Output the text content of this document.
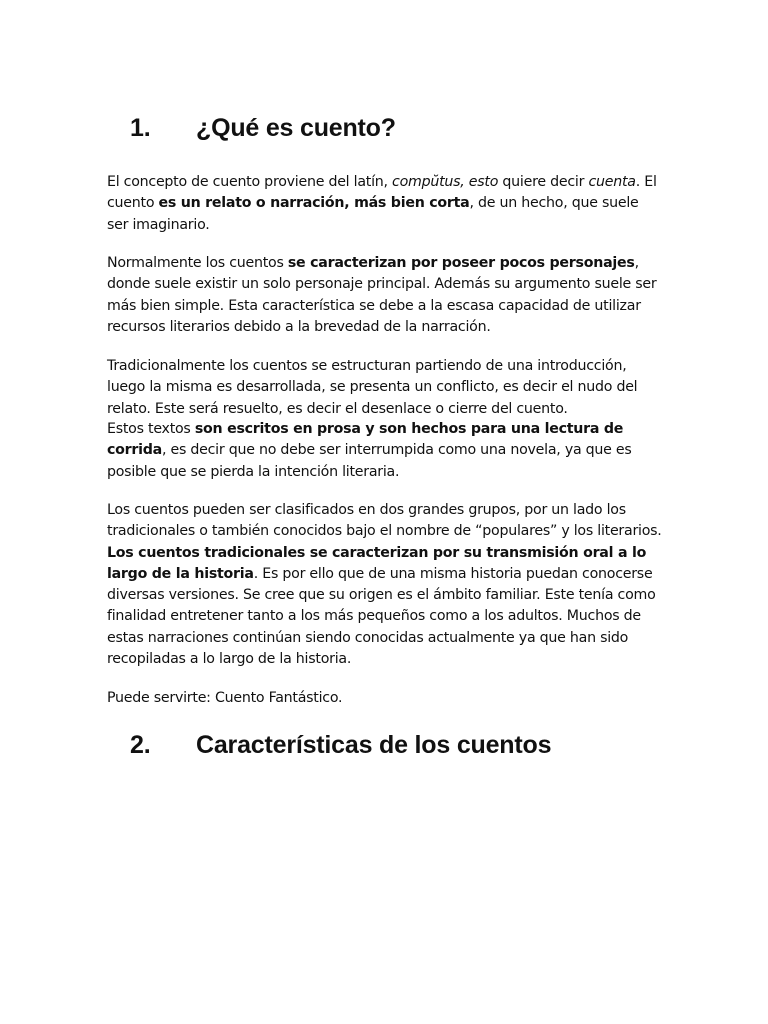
1.	¿Qué es cuento?

El concepto de cuento proviene del latín, compŭtus, esto quiere decir cuenta. El cuento es un relato o narración, más bien corta, de un hecho, que suele ser imaginario.

Normalmente los cuentos se caracterizan por poseer pocos personajes, donde suele existir un solo personaje principal. Además su argumento suele ser más bien simple. Esta característica se debe a la escasa capacidad de utilizar recursos literarios debido a la brevedad de la narración.

Tradicionalmente los cuentos se estructuran partiendo de una introducción, luego la misma es desarrollada, se presenta un conflicto, es decir el nudo del relato. Este será resuelto, es decir el desenlace o cierre del cuento.

Estos textos son escritos en prosa y son hechos para una lectura de corrida, es decir que no debe ser interrumpida como una novela, ya que es posible que se pierda la intención literaria.

Los cuentos pueden ser clasificados en dos grandes grupos, por un lado los tradicionales o también conocidos bajo el nombre de “populares” y los literarios. Los cuentos tradicionales se caracterizan por su transmisión oral a lo largo de la historia. Es por ello que de una misma historia puedan conocerse diversas versiones. Se cree que su origen es el ámbito familiar. Este tenía como finalidad entretener tanto a los más pequeños como a los adultos. Muchos de estas narraciones continúan siendo conocidas actualmente ya que han sido recopiladas a lo largo de la historia.

Puede servirte: Cuento Fantástico.

2.	Características de los cuentos
